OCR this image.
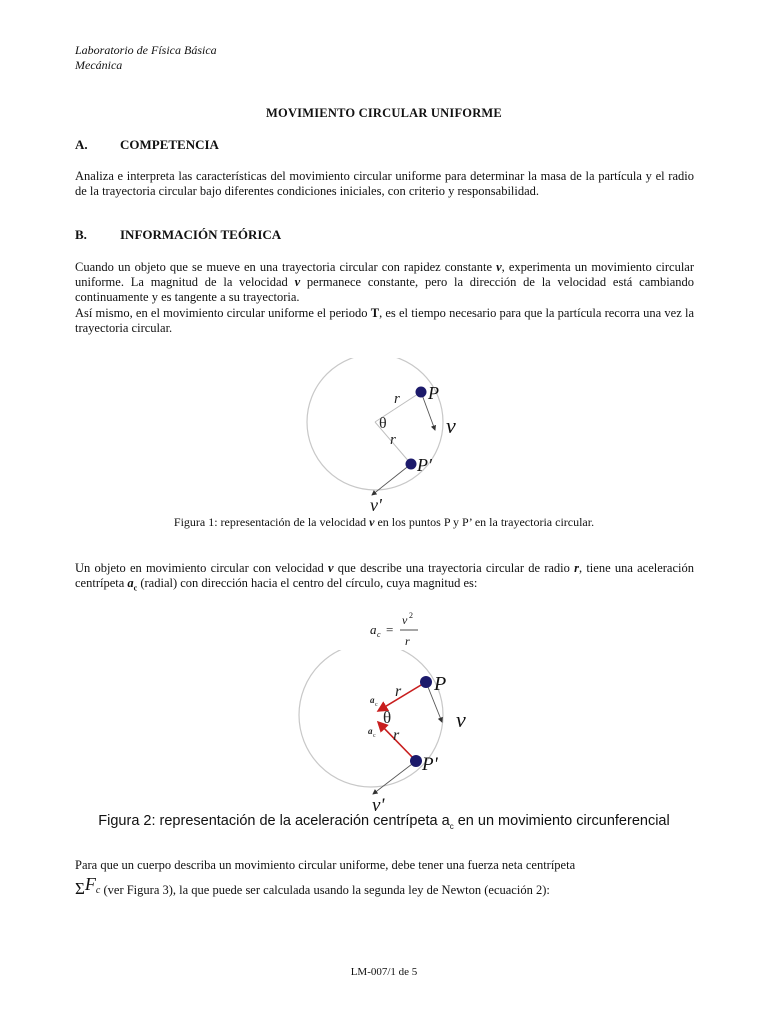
Laboratorio de Física Básica
Mecánica
MOVIMIENTO CIRCULAR UNIFORME
A. COMPETENCIA
Analiza e interpreta las características del movimiento circular uniforme para determinar la masa de la partícula y el radio de la trayectoria circular bajo diferentes condiciones iniciales, con criterio y responsabilidad.
B.	INFORMACIÓN TEÓRICA
Cuando un objeto que se mueve en una trayectoria circular con rapidez constante v, experimenta un movimiento circular uniforme. La magnitud de la velocidad v permanece constante, pero la dirección de la velocidad está cambiando continuamente y es tangente a su trayectoria.
Así mismo, en el movimiento circular uniforme el periodo T, es el tiempo necesario para que la partícula recorra una vez la trayectoria circular.
r
r
P
P'
θ	v
v'
Figura 1: representación de la velocidad v en los puntos P y P’ en la trayectoria circular.
Un objeto en movimiento circular con velocidad v que describe una trayectoria circular de radio r, tiene una aceleración centrípeta $a_c$ (radial) con dirección hacia el centro del círculo, cuya magnitud es:
a c =
v 2
r
r
r
P
P'
θ	v
v'
a c
a c
Figura 2: representación de la aceleración centrípeta $a_c$ en un movimiento circunferencial
Para que un cuerpo describa un movimiento circular uniforme, debe tener una fuerza neta centrípeta
ΣFc (ver Figura 3), la que puede ser calculada usando la segunda ley de Newton (ecuación 2):
LM-007/1 de 5
